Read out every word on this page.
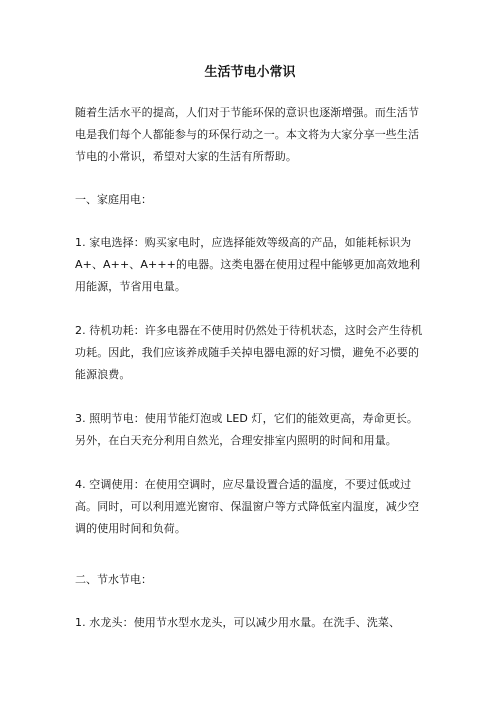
生活节电小常识
随着生活水平的提高，人们对于节能环保的意识也逐渐增强。而生活节电是我们每个人都能参与的环保行动之一。本文将为大家分享一些生活节电的小常识，希望对大家的生活有所帮助。
一、家庭用电：
1. 家电选择：购买家电时，应选择能效等级高的产品，如能耗标识为 A+、A++、A+++的电器。这类电器在使用过程中能够更加高效地利用能源，节省用电量。
2. 待机功耗：许多电器在不使用时仍然处于待机状态，这时会产生待机功耗。因此，我们应该养成随手关掉电器电源的好习惯，避免不必要的能源浪费。
3. 照明节电：使用节能灯泡或 LED 灯，它们的能效更高，寿命更长。另外，在白天充分利用自然光，合理安排室内照明的时间和用量。
4. 空调使用：在使用空调时，应尽量设置合适的温度，不要过低或过高。同时，可以利用遮光窗帘、保温窗户等方式降低室内温度，减少空调的使用时间和负荷。
二、节水节电：
1. 水龙头：使用节水型水龙头，可以减少用水量。在洗手、洗菜、
